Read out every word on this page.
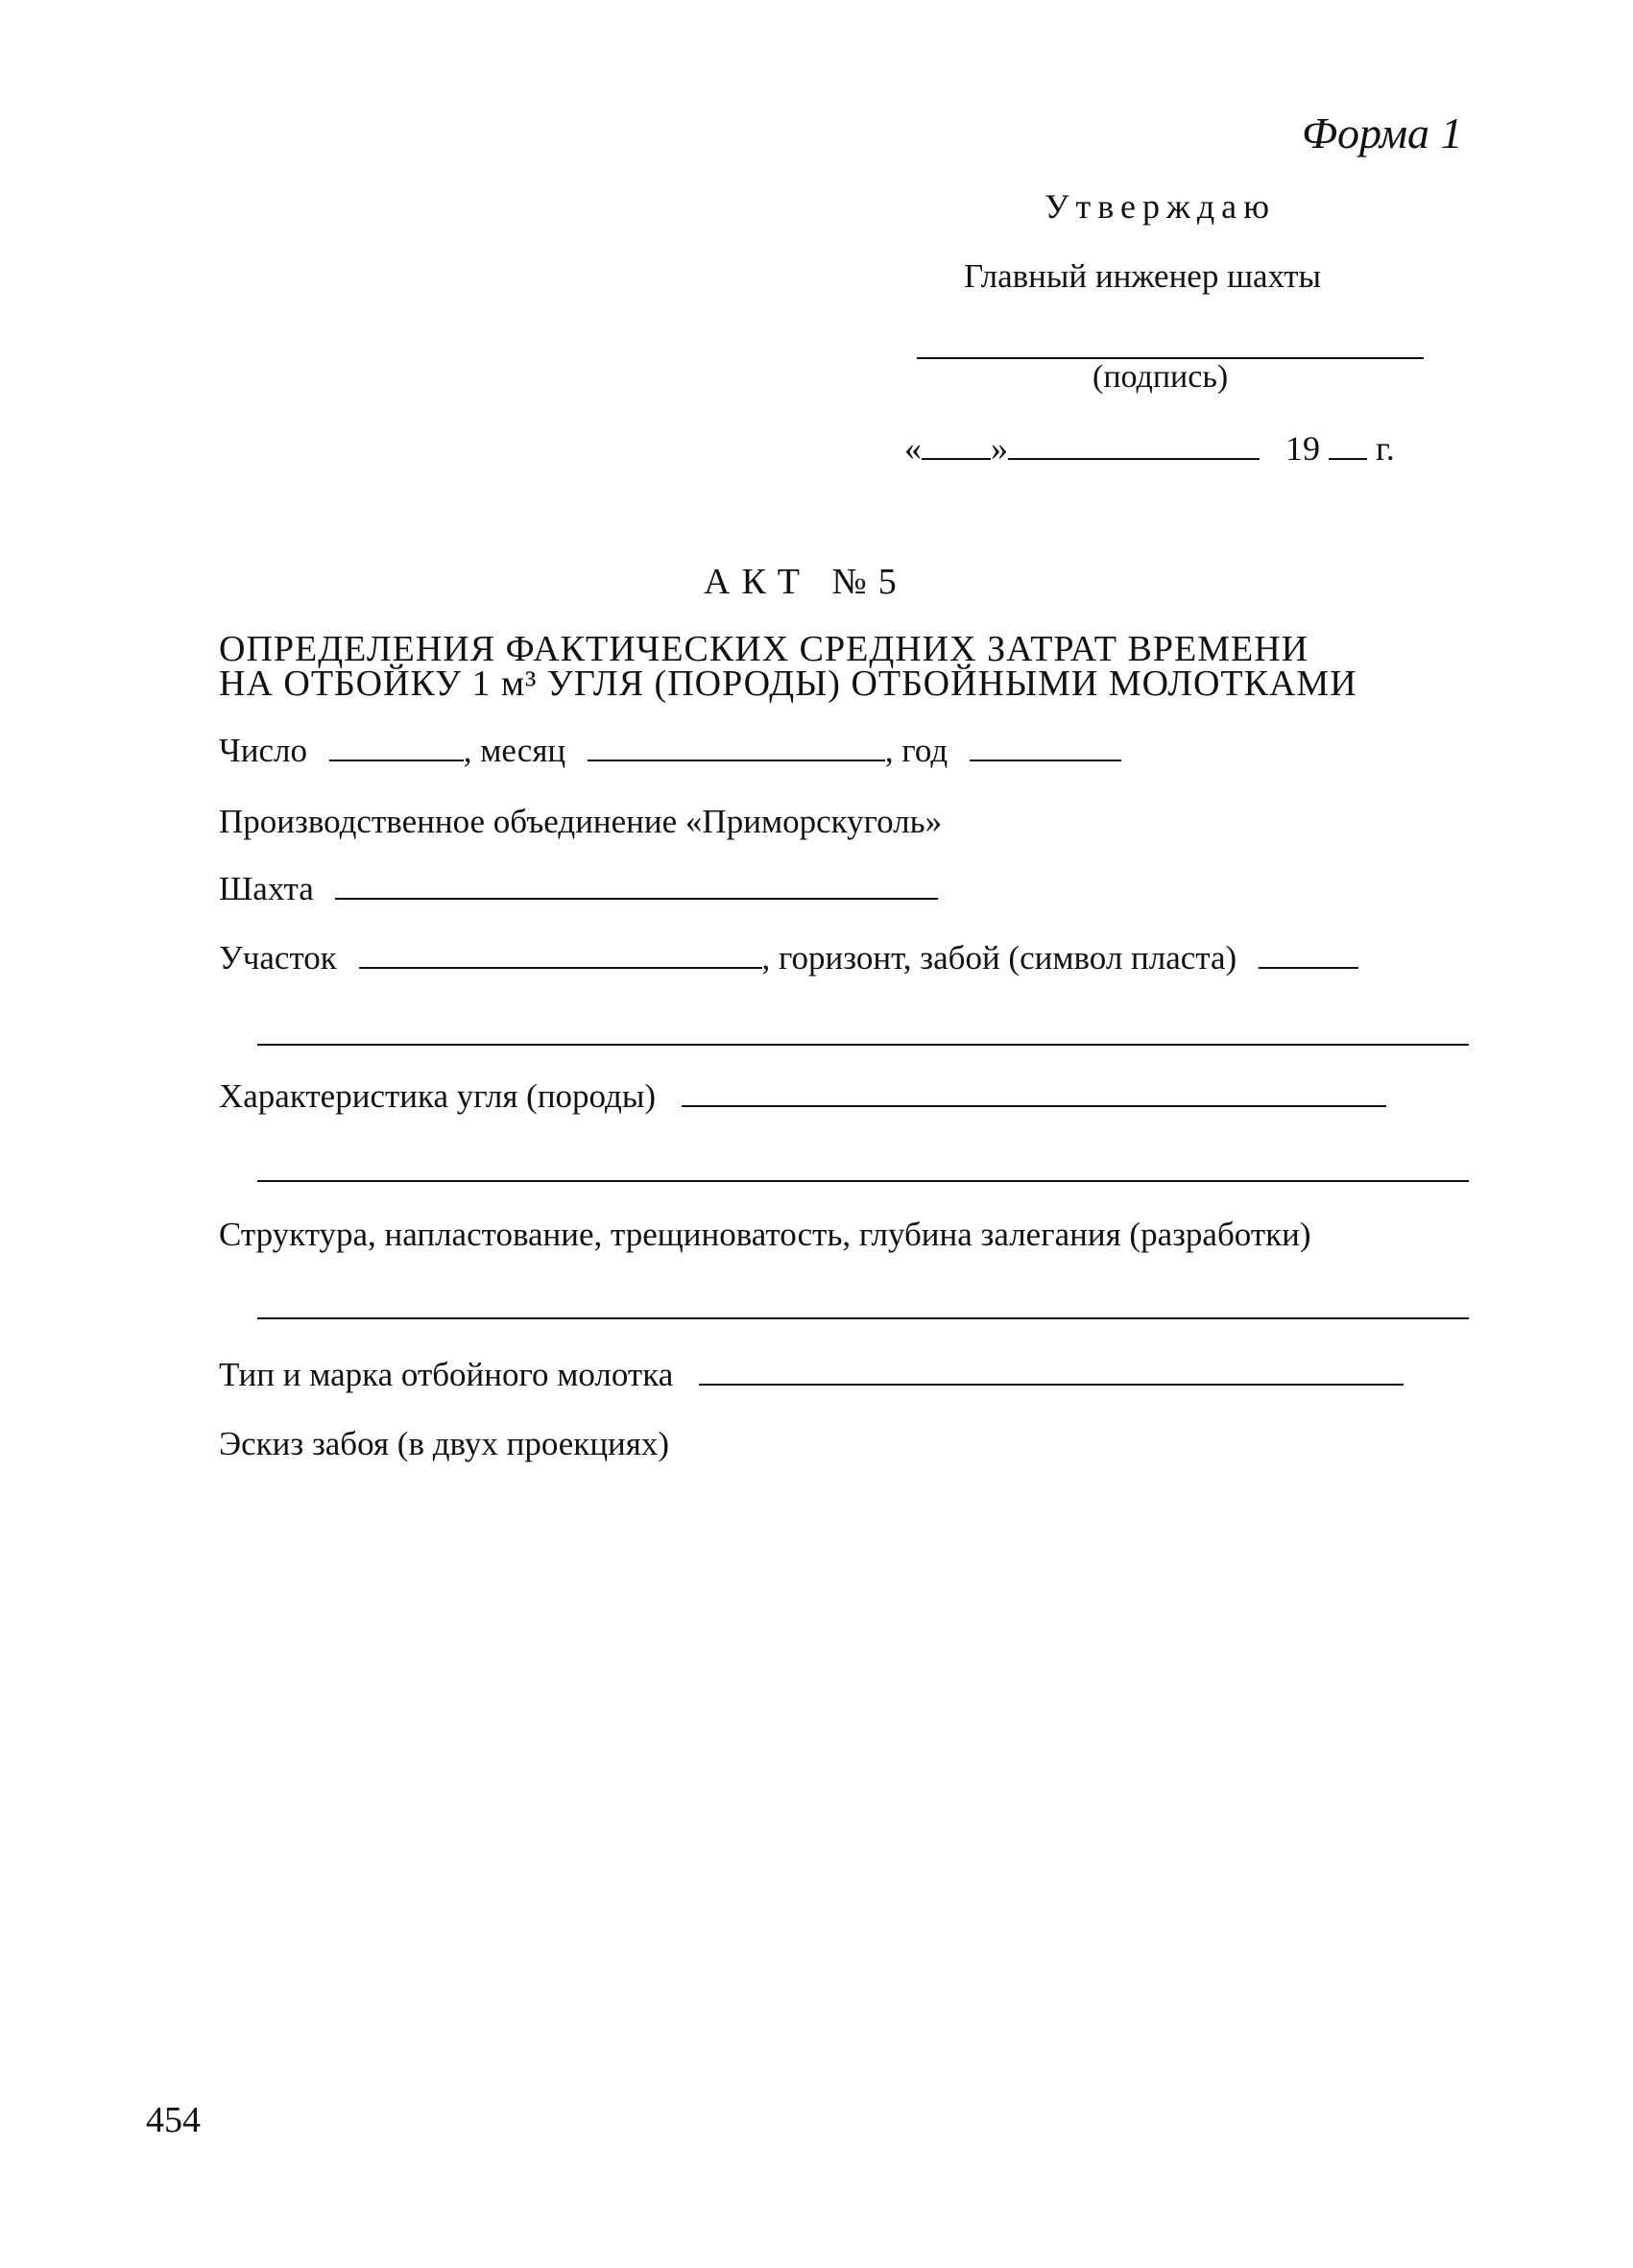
Форма 1
Утверждаю
Главный инженер шахты
(подпись)
« »	19 г.
АКТ №5
ОПРЕДЕЛЕНИЯ ФАКТИЧЕСКИХ СРЕДНИХ ЗАТРАТ ВРЕМЕНИ
НА ОТБОЙКУ 1 м³ УГЛЯ (ПОРОДЫ) ОТБОЙНЫМИ МОЛОТКАМИ
Число	, месяц	, год
Производственное объединение «Приморскуголь»
Шахта
Участок	, горизонт, забой (символ пласта)
Характеристика угля (породы)
Структура, напластование, трещиноватость, глубина залегания (разработки)
Тип и марка отбойного молотка
Эскиз забоя (в двух проекциях)
454
